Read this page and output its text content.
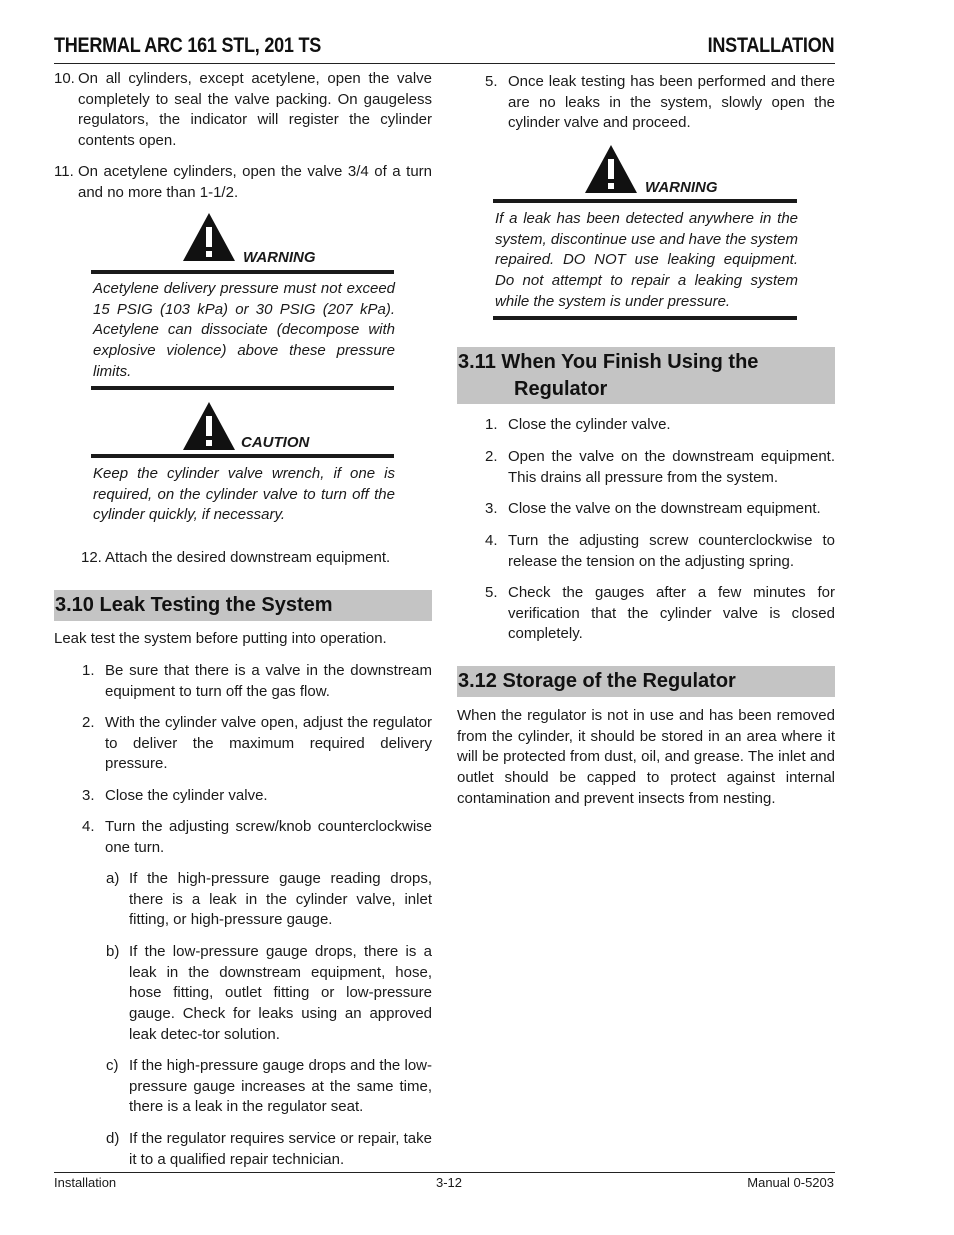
THERMAL ARC 161 STL, 201 TS	INSTALLATION
10. On all cylinders, except acetylene, open the valve completely to seal the valve packing. On gaugeless regulators, the indicator will register the cylinder contents open.
11. On acetylene cylinders, open the valve 3/4 of a turn and no more than 1-1/2.
WARNING
Acetylene delivery pressure must not exceed 15 PSIG (103 kPa) or 30 PSIG (207 kPa). Acetylene can dissociate (decompose with explosive violence) above these pressure limits.
CAUTION
Keep the cylinder valve wrench, if one is required, on the cylinder valve to turn off the cylinder quickly, if necessary.
12. Attach the desired downstream equipment.
3.10 Leak Testing the System
Leak test the system before putting into operation.
1. Be sure that there is a valve in the downstream equipment to turn off the gas flow.
2. With the cylinder valve open, adjust the regulator to deliver the maximum required delivery pressure.
3. Close the cylinder valve.
4. Turn the adjusting screw/knob counterclockwise one turn.
a) If the high-pressure gauge reading drops, there is a leak in the cylinder valve, inlet fitting, or high-pressure gauge.
b) If the low-pressure gauge drops, there is a leak in the downstream equipment, hose, hose fitting, outlet fitting or low-pressure gauge. Check for leaks using an approved leak detec-tor solution.
c) If the high-pressure gauge drops and the low-pressure gauge increases at the same time, there is a leak in the regulator seat.
d) If the regulator requires service or repair, take it to a qualified repair technician.
5. Once leak testing has been performed and there are no leaks in the system, slowly open the cylinder valve and proceed.
WARNING
If a leak has been detected anywhere in the system, discontinue use and have the system repaired. DO NOT use leaking equipment. Do not attempt to repair a leaking system while the system is under pressure.
3.11 When You Finish Using the
Regulator
1. Close the cylinder valve.
2. Open the valve on the downstream equipment. This drains all pressure from the system.
3. Close the valve on the downstream equipment.
4. Turn the adjusting screw counterclockwise to release the tension on the adjusting spring.
5. Check the gauges after a few minutes for verification that the cylinder valve is closed completely.
3.12 Storage of the Regulator
When the regulator is not in use and has been removed from the cylinder, it should be stored in an area where it will be protected from dust, oil, and grease. The inlet and outlet should be capped to protect against internal contamination and prevent insects from nesting.
Installation	3-12	Manual 0-5203
